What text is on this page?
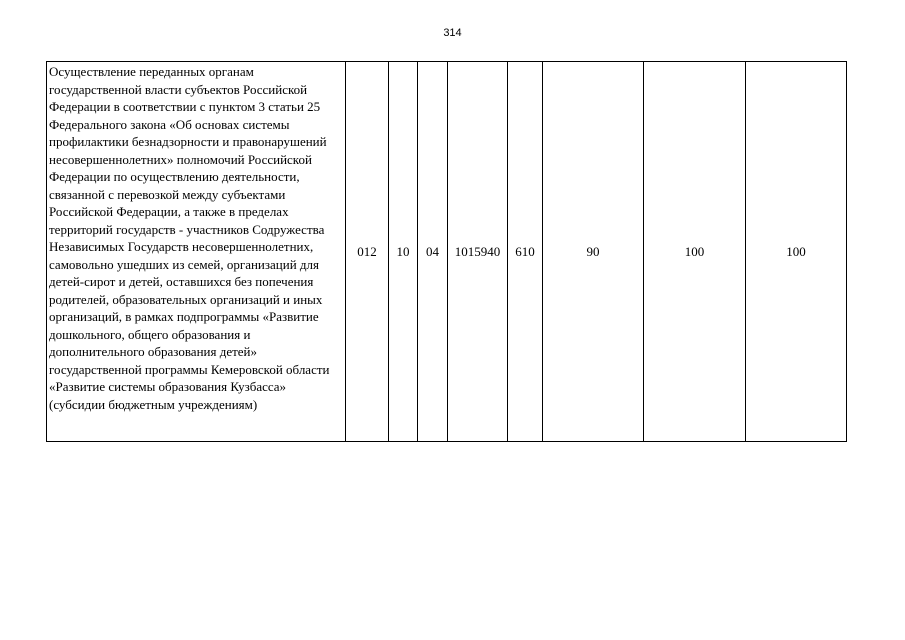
314
Осуществление переданных органам государственной власти субъектов Российской Федерации в соответствии с пунктом 3 статьи 25 Федерального закона «Об основах системы профилактики безнадзорности и правонарушений несовершеннолетних» полномочий Российской Федерации по осуществлению деятельности, связанной с перевозкой между субъектами Российской Федерации, а также в пределах территорий государств - участников Содружества Независимых Государств несовершеннолетних, самовольно ушедших из семей, организаций для детей-сирот и детей, оставшихся без попечения родителей, образовательных организаций и иных организаций, в рамках подпрограммы «Развитие дошкольного, общего образования и дополнительного образования детей» государственной программы Кемеровской области «Развитие системы образования Кузбасса» (субсидии бюджетным учреждениям)	012	10	04	1015940	610	90	100	100
